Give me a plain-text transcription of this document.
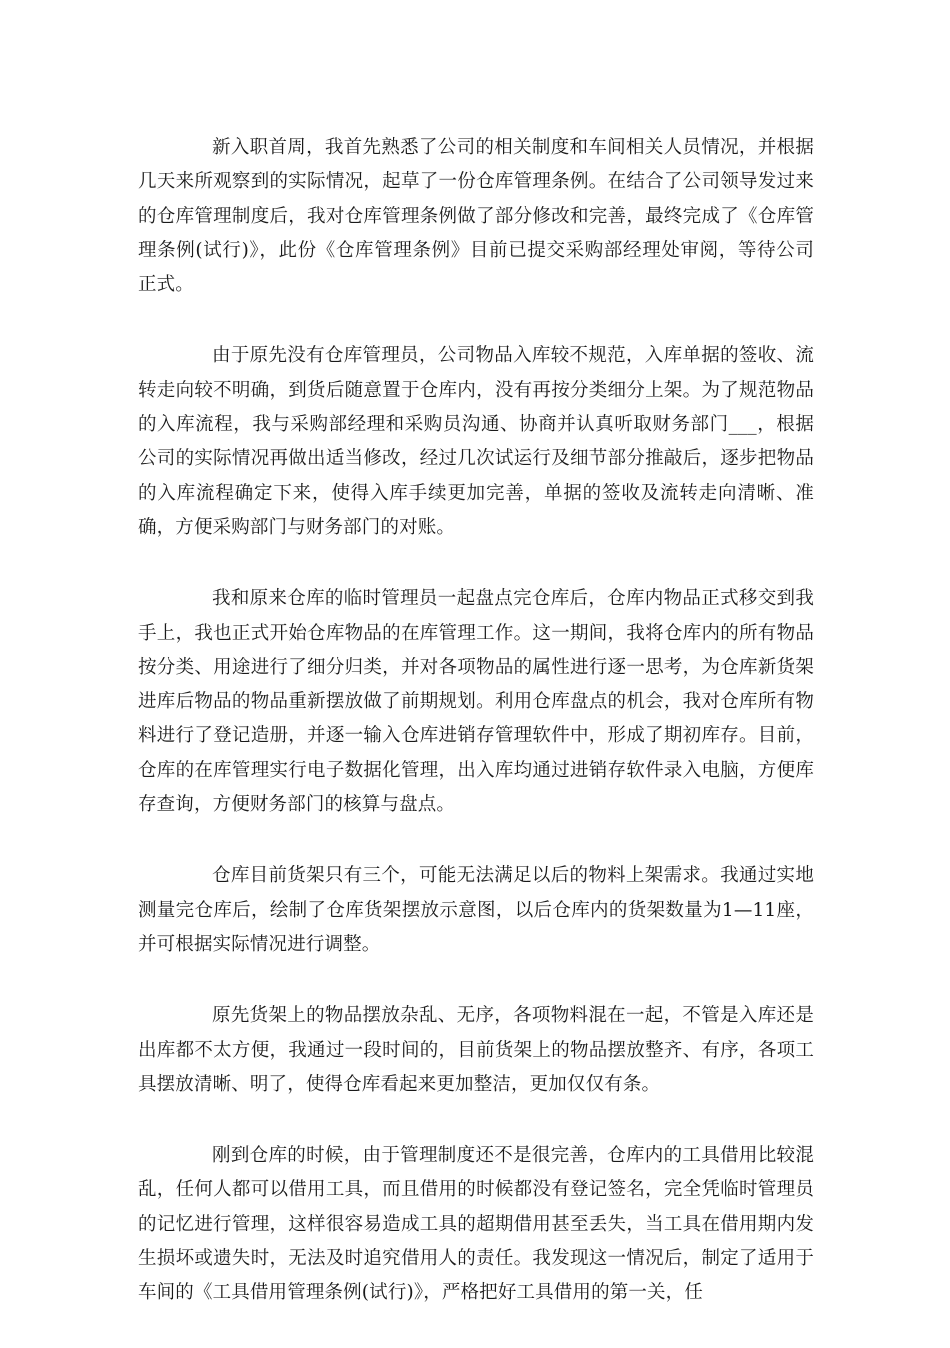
新入职首周，我首先熟悉了公司的相关制度和车间相关人员情况，并根据几天来所观察到的实际情况，起草了一份仓库管理条例。在结合了公司领导发过来的仓库管理制度后，我对仓库管理条例做了部分修改和完善，最终完成了《仓库管理条例(试行)》，此份《仓库管理条例》目前已提交采购部经理处审阅，等待公司正式。

由于原先没有仓库管理员，公司物品入库较不规范，入库单据的签收、流转走向较不明确，到货后随意置于仓库内，没有再按分类细分上架。为了规范物品的入库流程，我与采购部经理和采购员沟通、协商并认真听取财务部门___，根据公司的实际情况再做出适当修改，经过几次试运行及细节部分推敲后，逐步把物品的入库流程确定下来，使得入库手续更加完善，单据的签收及流转走向清晰、准确，方便采购部门与财务部门的对账。

我和原来仓库的临时管理员一起盘点完仓库后，仓库内物品正式移交到我手上，我也正式开始仓库物品的在库管理工作。这一期间，我将仓库内的所有物品按分类、用途进行了细分归类，并对各项物品的属性进行逐一思考，为仓库新货架进库后物品的物品重新摆放做了前期规划。利用仓库盘点的机会，我对仓库所有物料进行了登记造册，并逐一输入仓库进销存管理软件中，形成了期初库存。目前，仓库的在库管理实行电子数据化管理，出入库均通过进销存软件录入电脑，方便库存查询，方便财务部门的核算与盘点。

仓库目前货架只有三个，可能无法满足以后的物料上架需求。我通过实地测量完仓库后，绘制了仓库货架摆放示意图，以后仓库内的货架数量为1—11座，并可根据实际情况进行调整。

原先货架上的物品摆放杂乱、无序，各项物料混在一起，不管是入库还是出库都不太方便，我通过一段时间的，目前货架上的物品摆放整齐、有序，各项工具摆放清晰、明了，使得仓库看起来更加整洁，更加仅仅有条。

刚到仓库的时候，由于管理制度还不是很完善，仓库内的工具借用比较混乱，任何人都可以借用工具，而且借用的时候都没有登记签名，完全凭临时管理员的记忆进行管理，这样很容易造成工具的超期借用甚至丢失，当工具在借用期内发生损坏或遗失时，无法及时追究借用人的责任。我发现这一情况后，制定了适用于车间的《工具借用管理条例(试行)》，严格把好工具借用的第一关，任
